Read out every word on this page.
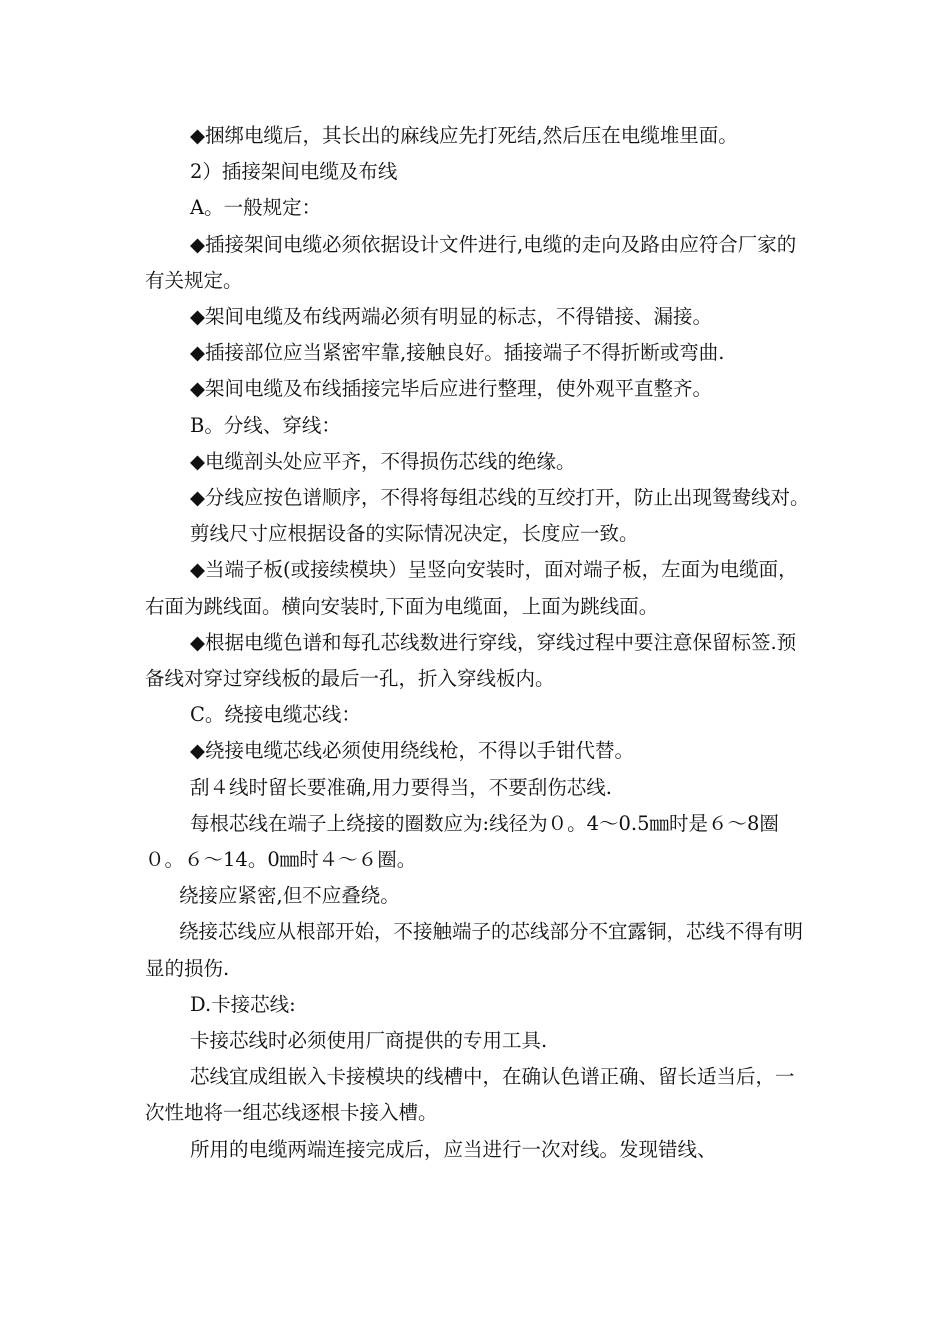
◆捆绑电缆后，其长出的麻线应先打死结,然后压在电缆堆里面。

2）插接架间电缆及布线

A。一般规定：

◆插接架间电缆必须依据设计文件进行,电缆的走向及路由应符合厂家的有关规定。

◆架间电缆及布线两端必须有明显的标志，不得错接、漏接。

◆插接部位应当紧密牢靠,接触良好。插接端子不得折断或弯曲.

◆架间电缆及布线插接完毕后应进行整理，使外观平直整齐。

B。分线、穿线：

◆电缆剖头处应平齐，不得损伤芯线的绝缘。

◆分线应按色谱顺序，不得将每组芯线的互绞打开，防止出现鸳鸯线对。

剪线尺寸应根据设备的实际情况决定，长度应一致。

◆当端子板(或接续模块）呈竖向安装时，面对端子板，左面为电缆面，右面为跳线面。横向安装时,下面为电缆面，上面为跳线面。

◆根据电缆色谱和每孔芯线数进行穿线，穿线过程中要注意保留标签.预备线对穿过穿线板的最后一孔，折入穿线板内。

C。绕接电缆芯线：

◆绕接电缆芯线必须使用绕线枪，不得以手钳代替。

刮４线时留长要准确,用力要得当，不要刮伤芯线.

每根芯线在端子上绕接的圈数应为:线径为０。4～0.5㎜时是６～8圈０。６～14。0㎜时４～６圈。

绕接应紧密,但不应叠绕。

绕接芯线应从根部开始，不接触端子的芯线部分不宜露铜，芯线不得有明显的损伤.

D.卡接芯线:

卡接芯线时必须使用厂商提供的专用工具.

芯线宜成组嵌入卡接模块的线槽中，在确认色谱正确、留长适当后，一次性地将一组芯线逐根卡接入槽。

所用的电缆两端连接完成后，应当进行一次对线。发现错线、
